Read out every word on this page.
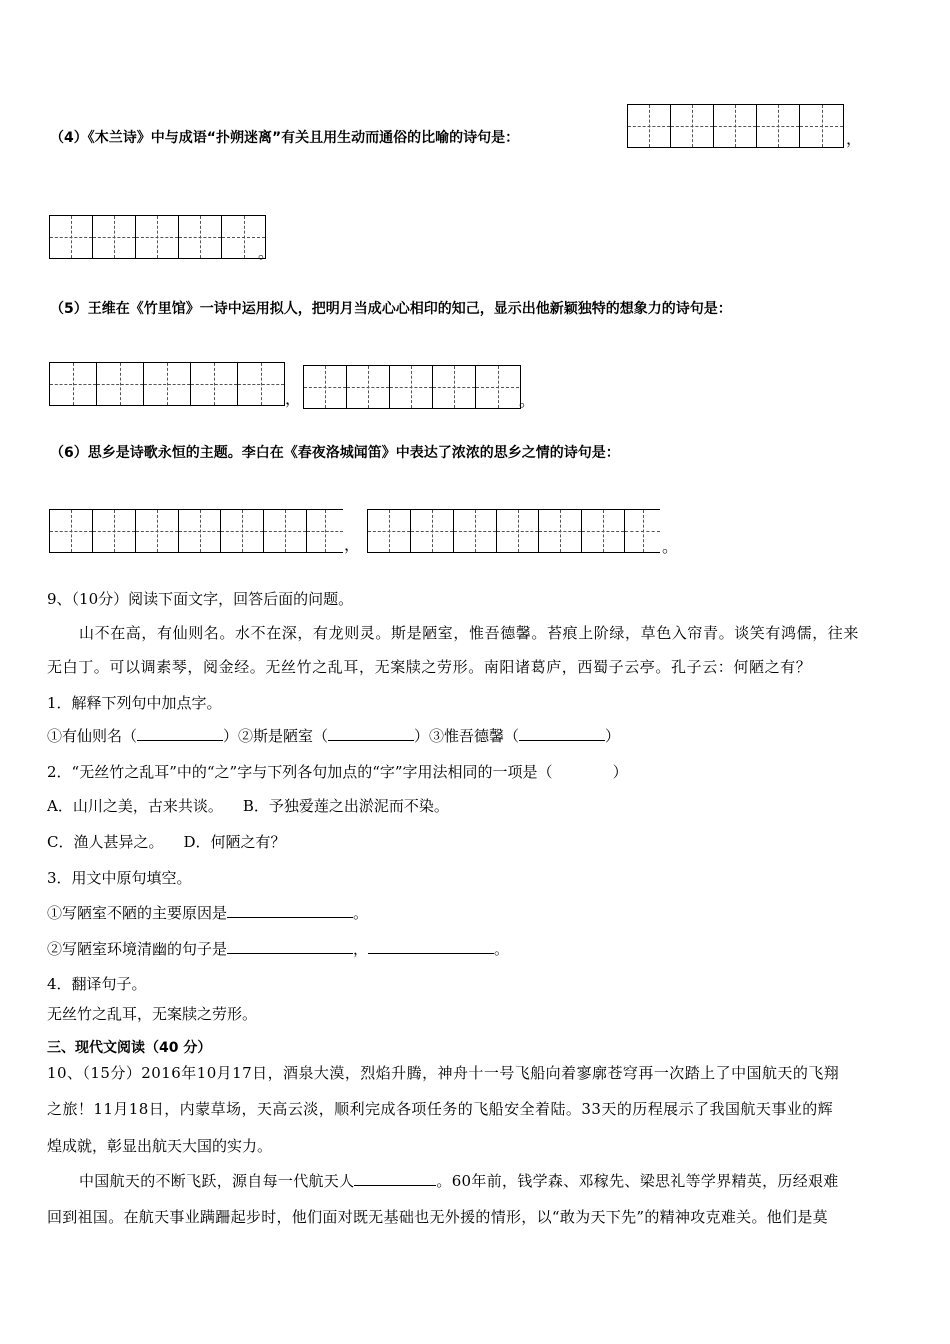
（4）《木兰诗》中与成语“扑朔迷离”有关且用生动而通俗的比喻的诗句是：	，
。
（5）王维在《竹里馆》一诗中运用拟人，把明月当成心心相印的知己，显示出他新颖独特的想象力的诗句是：
，	。
（6）思乡是诗歌永恒的主题。李白在《春夜洛城闻笛》中表达了浓浓的思乡之情的诗句是：
，	。
9、（10分）阅读下面文字，回答后面的问题。
山不在高，有仙则名。水不在深，有龙则灵。斯是陋室，惟吾德馨。苔痕上阶绿，草色入帘青。谈笑有鸿儒，往来
无白丁。可以调素琴，阅金经。无丝竹之乱耳，无案牍之劳形。南阳诸葛庐，西蜀子云亭。孔子云：何陋之有？
1．解释下列句中加点字。
①有仙则名（	）②斯是陋室（	）③惟吾德馨（	）
2．“无丝竹之乱耳”中的“之”字与下列各句加点的“字”字用法相同的一项是（	）
A．山川之美，古来共谈。 B．予独爱莲之出淤泥而不染。
C．渔人甚异之。 D．何陋之有？
3．用文中原句填空。
①写陋室不陋的主要原因是	。
②写陋室环境清幽的句子是	，	。
4．翻译句子。
无丝竹之乱耳，无案牍之劳形。
三、现代文阅读（40 分）
10、（15分）2016年10月17日，酒泉大漠，烈焰升腾，神舟十一号飞船向着寥廓苍穹再一次踏上了中国航天的飞翔
之旅！11月18日，内蒙草场，天高云淡，顺利完成各项任务的飞船安全着陆。33天的历程展示了我国航天事业的辉
煌成就，彰显出航天大国的实力。
中国航天的不断飞跃，源自每一代航天人	。60年前，钱学森、邓稼先、梁思礼等学界精英，历经艰难
回到祖国。在航天事业蹒跚起步时，他们面对既无基础也无外援的情形，以“敢为天下先”的精神攻克难关。他们是莫
